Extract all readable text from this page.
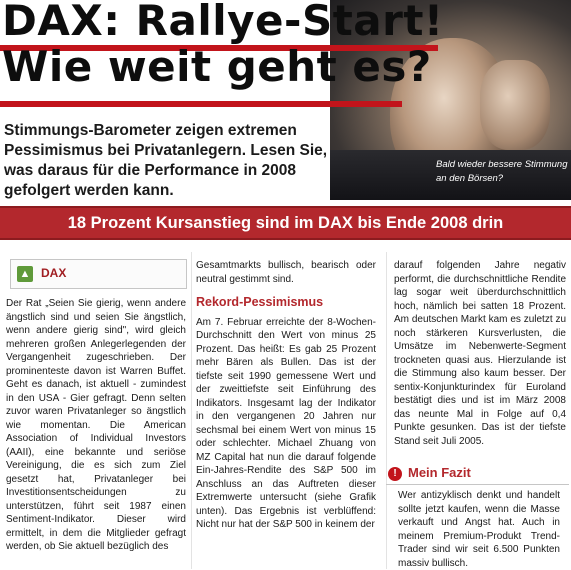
DAX: Rallye-Start!
Wie weit geht es?
Stimmungs-Barometer zeigen extremen Pessimismus bei Privatanlegern. Lesen Sie, was daraus für die Performance in 2008 gefolgert werden kann.
Bald wieder bessere Stimmung an den Börsen?
18 Prozent Kursanstieg sind im DAX bis Ende 2008 drin
▲ DAX

Der Rat „Seien Sie gierig, wenn andere ängstlich sind und seien Sie ängstlich, wenn andere gierig sind", wird gleich mehreren großen Anlegerlegenden der Vergangenheit zugeschrieben. Der prominenteste davon ist Warren Buffet. Geht es danach, ist aktuell - zumindest in den USA - Gier gefragt. Denn selten zuvor waren Privatanleger so ängstlich wie momentan. Die American Association of Individual Investors (AAII), eine bekannte und seriöse Vereinigung, die es sich zum Ziel gesetzt hat, Privatanleger bei Investitionsentscheidungen zu unterstützen, führt seit 1987 einen Sentiment-Indikator. Dieser wird ermittelt, in dem die Mitglieder gefragt werden, ob Sie aktuell bezüglich des

Gesamtmarkts bullisch, bearisch oder neutral gestimmt sind.

Rekord-Pessimismus

Am 7. Februar erreichte der 8-Wochen-Durchschnitt den Wert von minus 25 Prozent. Das heißt: Es gab 25 Prozent mehr Bären als Bullen. Das ist der tiefste seit 1990 gemessene Wert und der zweittiefste seit Einführung des Indikators. Insgesamt lag der Indikator in den vergangenen 20 Jahren nur sechsmal bei einem Wert von minus 15 oder schlechter. Michael Zhuang von MZ Capital hat nun die darauf folgende Ein-Jahres-Rendite des S&P 500 im Anschluss an das Auftreten dieser Extremwerte untersucht (siehe Grafik unten). Das Ergebnis ist verblüffend: Nicht nur hat der S&P 500 in keinem der

darauf folgenden Jahre negativ performt, die durchschnittliche Rendite lag sogar weit überdurchschnittlich hoch, nämlich bei satten 18 Prozent. Am deutschen Markt kam es zuletzt zu noch stärkeren Kursverlusten, die Umsätze im Nebenwerte-Segment trockneten quasi aus. Hierzulande ist die Stimmung also kaum besser. Der sentix-Konjunkturindex für Euroland bestätigt dies und ist im März 2008 das neunte Mal in Folge auf 0,4 Punkte gesunken. Das ist der tiefste Stand seit Juli 2005.

! Mein Fazit
Wer antizyklisch denkt und handelt sollte jetzt kaufen, wenn die Masse verkauft und Angst hat. Auch in meinem Premium-Produkt Trend-Trader sind wir seit 6.500 Punkten massiv bullisch.
